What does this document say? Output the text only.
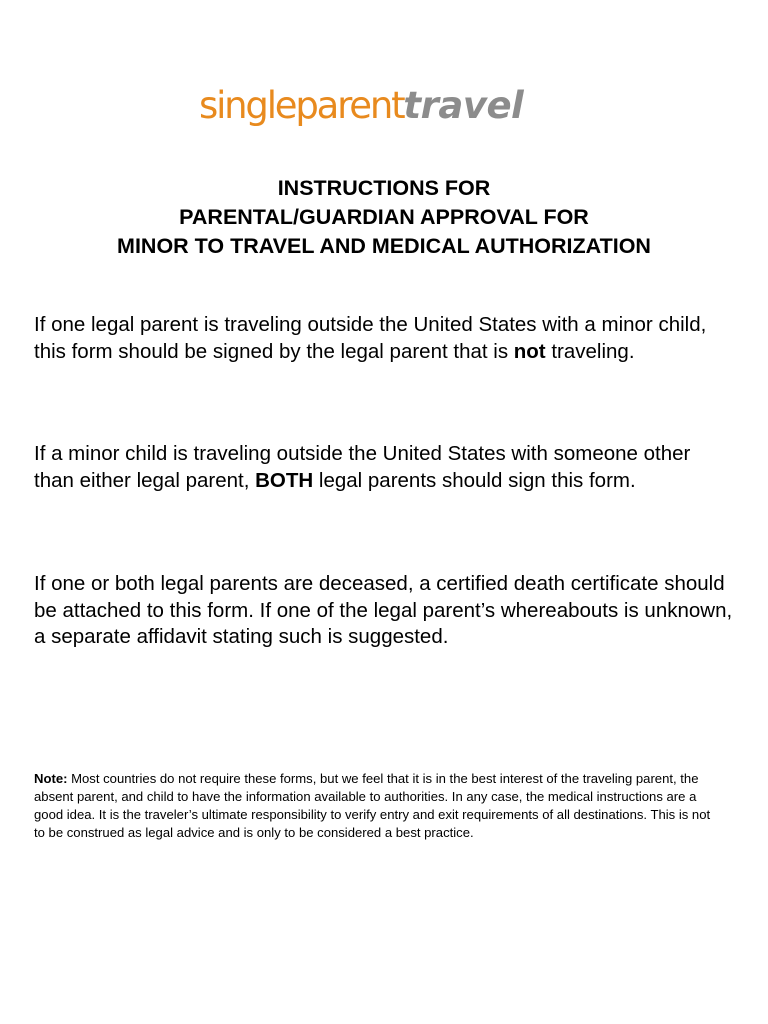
singleparenttravel
INSTRUCTIONS FOR
PARENTAL/GUARDIAN APPROVAL FOR
MINOR TO TRAVEL AND MEDICAL AUTHORIZATION

If one legal parent is traveling outside the United States with a minor child, this form should be signed by the legal parent that is not traveling.

If a minor child is traveling outside the United States with someone other than either legal parent, BOTH legal parents should sign this form.

If one or both legal parents are deceased, a certified death certificate should be attached to this form. If one of the legal parent’s whereabouts is unknown, a separate affidavit stating such is suggested.

Note: Most countries do not require these forms, but we feel that it is in the best interest of the traveling parent, the absent parent, and child to have the information available to authorities. In any case, the medical instructions are a good idea. It is the traveler’s ultimate responsibility to verify entry and exit requirements of all destinations. This is not to be construed as legal advice and is only to be considered a best practice.
